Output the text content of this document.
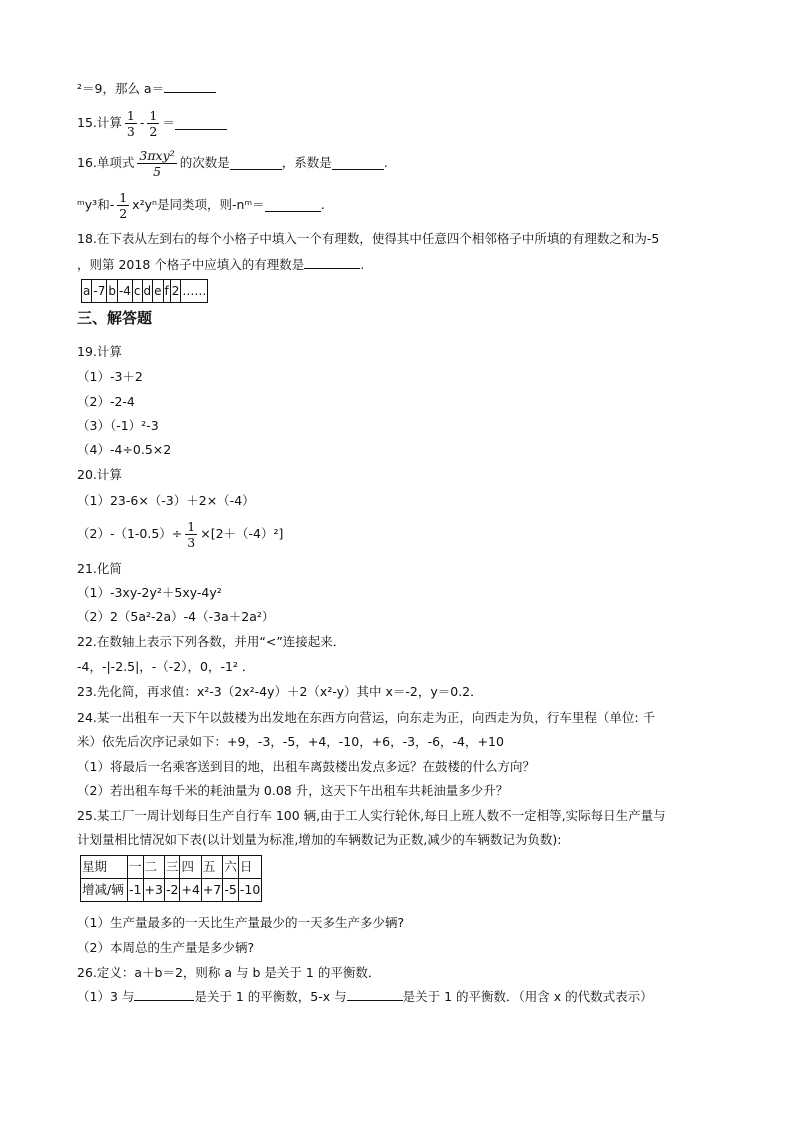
²＝9，那么 a＝
15.计算 $\frac{1}{3} - \frac{1}{2}$ ＝
16.单项式 $\frac{\text{3πxy²}}{5}$ 的次数是	，系数是	.
ᵐy³和- $\frac{1}{2} x^2y^n$是同类项，则-nᵐ＝	.
18.在下表从左到右的每个小格子中填入一个有理数，使得其中任意四个相邻格子中所填的有理数之和为-5
，则第 2018 个格子中应填入的有理数是	.
a	-7	b	-4	c	d	e	f	2	……
三、解答题
19.计算
（1）-3＋2
（2）-2-4
（3）（-1）²-3
（4）-4÷0.5×2
20.计算
（1）23-6×（-3）＋2×（-4）
$(2)-(1-0.5)\div \frac{1}{3} \times[2+(-4)^2]$
21.化简
（1）-3xy-2y²＋5xy-4y²
（2）2（5a²-2a）-4（-3a＋2a²）
22.在数轴上表示下列各数，并用“<”连接起来．
-4，-|-2.5|，-（-2），0，-1² ．
23.先化简，再求值：x²-3（2x²-4y）＋2（x²-y）其中 x＝-2，y＝0.2．
24.某一出租车一天下午以鼓楼为出发地在东西方向营运，向东走为正，向西走为负，行车里程（单位: 千
米）依先后次序记录如下：+9，-3，-5，+4，-10，+6，-3，-6，-4，+10
（1）将最后一名乘客送到目的地，出租车离鼓楼出发点多远？在鼓楼的什么方向？
（2）若出租车每千米的耗油量为 0.08 升，这天下午出租车共耗油量多少升？
25.某工厂一周计划每日生产自行车 100 辆,由于工人实行轮休,每日上班人数不一定相等,实际每日生产量与
计划量相比情况如下表(以计划量为标准,增加的车辆数记为正数,减少的车辆数记为负数):
星期	一	二	三	四	五	六	日
增减/辆	-1	+3	-2	+4	+7	-5	-10
（1）生产量最多的一天比生产量最少的一天多生产多少辆?
（2）本周总的生产量是多少辆?
26.定义：a＋b＝2，则称 a 与 b 是关于 1 的平衡数．
（1）3 与	是关于 1 的平衡数，5-x 与	是关于 1 的平衡数．（用含 x 的代数式表示）
